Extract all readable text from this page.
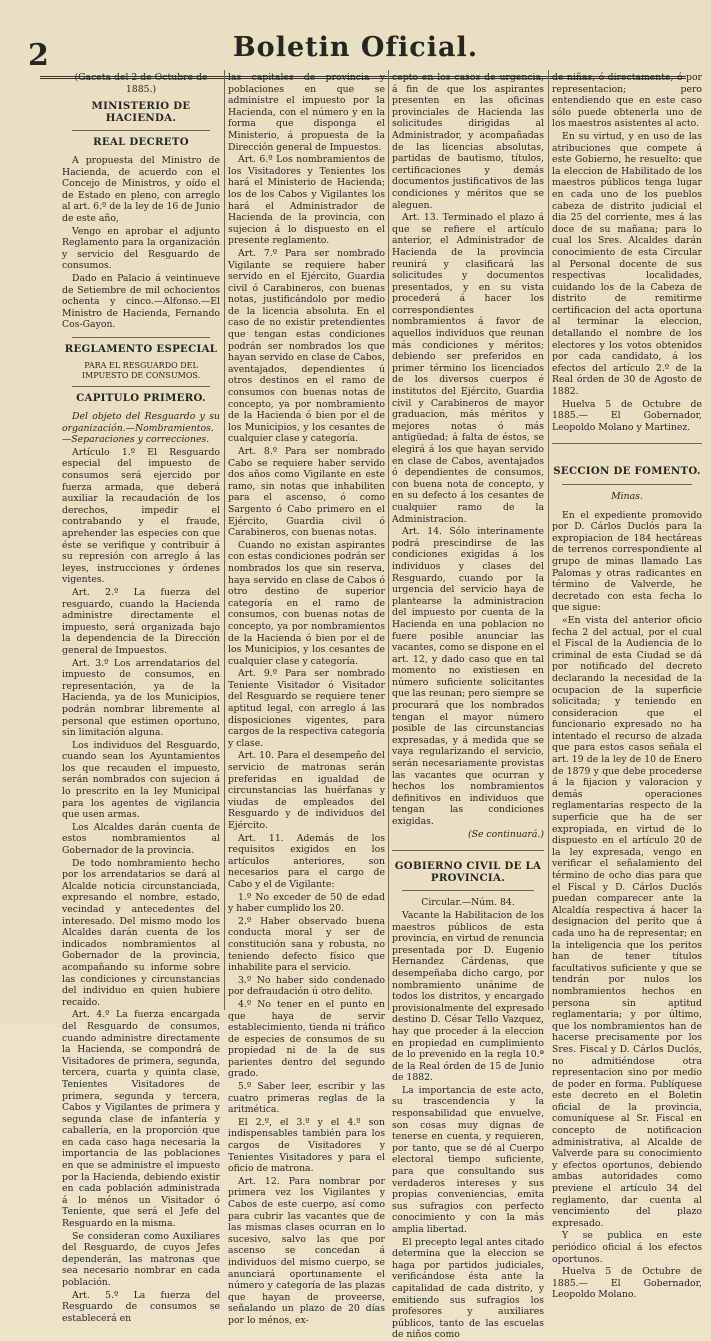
2	Boletin Oficial.

(Gaceta del 2 de Octubre de 1885.)

MINISTERIO DE HACIENDA.
REAL DECRETO

A propuesta del Ministro de Hacienda, de acuerdo con el Concejo de Ministros, y oído el de Estado en pleno, con arreglo al art. 6.º de la ley de 16 de Junio de este año,

Vengo en aprobar el adjunto Reglamento para la organización y servicio del Resguardo de consumos.

Dado en Palacio á veintinueve de Setiembre de mil ochocientos ochenta y cinco.—Alfonso.—El Ministro de Hacienda, Fernando Cos-Gayon.

REGLAMENTO ESPECIAL
PARA EL RESGUARDO DEL IMPUESTO DE CONSUMOS.
CAPITULO PRIMERO.

Del objeto del Resguardo y su organización.—Nombramientos.—Separaciones y correcciones.

Artículo 1.º El Resguardo especial del impuesto de consumos será ejercido por fuerza armada, que deberá auxiliar la recaudación de los derechos, impedir el contrabando y el fraude, aprehender las especies con que éste se verifique y contribuir á su represión con arreglo á las leyes, instrucciones y órdenes vigentes.

Art. 2.º La fuerza del resguardo, cuando la Hacienda administre directamente el impuesto, será organizada bajo la dependencia de la Dirección general de Impuestos.

Art. 3.º Los arrendatarios del impuesto de consumos, en representación, ya de la Hacienda, ya de los Municipios, podrán nombrar libremente al personal que estimen oportuno, sin limitación alguna.

Los individuos del Resguardo, cuando sean los Ayuntamientos los que recauden el impuesto, serán nombrados con sujecion á lo prescrito en la ley Municipal para los agentes de vigilancia que usen armas.

Los Alcaldes darán cuenta de estos nombramientos al Gobernador de la provincia.

De todo nombramiento hecho por los arrendatarios se dará al Alcalde noticia circunstanciada, expresando el nombre, estado, vecindad y antecedentes del interesado. Del mismo modo los Alcaldes darán cuenta de los indicados nombramientos al Gobernador de la provincia, acompañando su informe sobre las condiciones y circunstancias del individuo en quien hubiere recaído.

Art. 4.º La fuerza encargada del Resguardo de consumos, cuando administre directamente la Hacienda, se compondrá de Visitadores de primera, segunda, tercera, cuarta y quinta clase, Tenientes Visitadores de primera, segunda y tercera, Cabos y Vigilantes de primera y segunda clase de infantería y caballería, en la proporción que en cada caso haga necesaria la importancia de las poblaciones en que se administre el impuesto por la Hacienda, debiendo existir en cada población administrada á lo ménos un Visitador ó Teniente, que será el Jefe del Resguardo en la misma.

Se consideran como Auxiliares del Resguardo, de cuyos Jefes dependerán, las matronas que sea necesario nombrar en cada población.

Art. 5.º La fuerza del Resguardo de consumos se establecerá en

las capitales de provincia y poblaciones en que se administre el impuesto por la Hacienda, con el número y en la forma que disponga el Ministerio, á propuesta de la Dirección general de Impuestos.

Art. 6.º Los nombramientos de los Visitadores y Tenientes los hará el Ministerio de Hacienda; los de los Cabos y Vigilantes los hará el Administrador de Hacienda de la provincia, con sujecion á lo dispuesto en el presente reglamento.

Art. 7.º Para ser nombrado Vigilante se requiere haber servido en el Ejército, Guardia civil ó Carabineros, con buenas notas, justificándolo por medio de la licencia absoluta. En el caso de no existir pretendientes que tengan estas condiciones podrán ser nombrados los que hayan servido en clase de Cabos, aventajados, dependientes ú otros destinos en el ramo de consumos con buenas notas de concepto, ya por nombramiento de la Hacienda ó bien por el de los Municipios, y los cesantes de cualquier clase y categoría.

Art. 8.º Para ser nombrado Cabo se requiere haber servido dos años como Vigilante en este ramo, sin notas que inhabiliten para el ascenso, ó como Sargento ó Cabo primero en el Ejército, Guardia civil ó Carabineros, con buenas notas.

Cuando no existan aspirantes con estas condiciones podrán ser nombrados los que sin reserva, haya servido en clase de Cabos ó otro destino de superior categoría en el ramo de consumos, con buenas notas de concepto, ya por nombramientos de la Hacienda ó bien por el de los Municipios, y los cesantes de cualquier clase y categoría.

Art. 9.º Para ser nombrado Teniente Visitador ó Visitador del Resguardo se requiere tener aptitud legal, con arreglo á las disposiciones vigentes, para cargos de la respectiva categoría y clase.

Art. 10. Para el desempeño del servicio de matronas serán preferidas en igualdad de circunstancias las huérfanas y viudas de empleados del Resguardo y de individuos del Ejército.

Art. 11. Además de los requisitos exigidos en los artículos anteriores, son necesarios para el cargo de Cabo y el de Vigilante:

1.º No exceder de 50 de edad y haber cumplido los 20.

2.º Haber observado buena conducta moral y ser de constitución sana y robusta, no teniendo defecto físico que inhabilite para el servicio.

3.º No haber sido condenado por defraudación ú otro delito.

4.º No tener en el punto en que haya de servir establecimiento, tienda ni tráfico de especies de consumos de su propiedad ni de la de sus parientes dentro del segundo grado.

5.º Saber leer, escribir y las cuatro primeras reglas de la aritmética.

El 2.º, el 3.º y el 4.º son indispensables también para los cargos de Visitadores y Tenientes Visitadores y para el oficio de matrona.

Art. 12. Para nombrar por primera vez los Vigilantes y Cabos de este cuerpo, así como para cubrir las vacantes que de las mismas clases ocurran en lo sucesivo, salvo las que por ascenso se concedan á individuos del mismo cuerpo, se anunciará oportunamente el número y categoría de las plazas que hayan de proveerse, señalando un plazo de 20 días por lo ménos, ex-

cepto en los casos de urgencia, á fin de que los aspirantes presenten en las oficinas provinciales de Hacienda las solicitudes dirigidas al Administrador, y acompañadas de las licencias absolutas, partidas de bautismo, títulos, certificaciones y demás documentos justificativos de las condiciones y méritos que se aleguen.

Art. 13. Terminado el plazo á que se refiere el artículo anterior, el Administrador de Hacienda de la provincia reunirá y clasificará las solicitudes y documentos presentados, y en su vista procederá á hacer los correspondientes nombramientos á favor de aquellos individuos que reunan más condiciones y méritos; debiendo ser preferidos en primer término los licenciados de los diversos cuerpos é institutos del Ejército, Guardia civil y Carabineros de mayor graduacion, más méritos y mejores notas ó más antigüedad; á falta de éstos, se elegirá á los que hayan servido en clase de Cabos, aventajados ó dependientes de consumos, con buena nota de concepto, y en su defecto á los cesantes de cualquier ramo de la Administracion.

Art. 14. Sólo interinamente podrá prescindirse de las condiciones exigidas á los individuos y clases del Resguardo, cuando por la urgencia del servicio haya de plantearse la administracion del impuesto por cuenta de la Hacienda en una poblacion no fuere posible anunciar las vacantes, como se dispone en el art. 12, y dado caso que en tal momento no existiesen en número suficiente solicitantes que las reunan; pero siempre se procurará que los nombrados tengan el mayor número posible de las circunstancias expresadas, y á medida que se vaya regularizando el servicio, serán necesariamente provistas las vacantes que ocurran y hechos los nombramientos definitivos en individuos que tengan las condiciones exigidas.

(Se continuará.)

GOBIERNO CIVIL DE LA PROVINCIA.

Circular.—Núm. 84.

Vacante la Habilitacion de los maestros públicos de esta provincia, en virtud de renuncia presentada por D. Eugenio Hernandez Cárdenas, que desempeñaba dicho cargo, por nombramiento unánime de todos los distritos, y encargado provisionalmente del expresado destino D. César Tello Vazquez, hay que proceder á la eleccion en propiedad en cumplimiento de lo prevenido en la regla 10.ª de la Real órden de 15 de Junio de 1882.

La importancia de este acto, su trascendencia y la responsabilidad que envuelve, son cosas muy dignas de tenerse en cuenta, y requieren, por tanto, que se dé al Cuerpo electoral tiempo suficiente, para que consultando sus verdaderos intereses y sus propias conveniencias, emita sus sufragios con perfecto conocimiento y con la más amplia libertad.

El precepto legal antes citado determina que la eleccion se haga por partidos judiciales, verificándose ésta ante la capitalidad de cada distrito, y emitiendo sus sufragios los profesores y auxiliares públicos, tanto de las escuelas de niños como

de niñas, ó directamente, ó por representacion; pero entendiendo que en este caso sólo puede obtenerla uno de los maestros asistentes al acto.

En su virtud, y en uso de las atribuciones que compete á este Gobierno, he resuelto: que la eleccion de Habilitado de los maestros públicos tenga lugar en cada uno de los pueblos cabeza de distrito judicial el dia 25 del corriente, mes á las doce de su mañana; para lo cual los Sres. Alcaldes darán conocimiento de esta Circular al Personal docente de sus respectivas localidades, cuidando los de la Cabeza de distrito de remitirme certificacion del acta oportuna al terminar la eleccion, detallando el nombre de los electores y los votos obtenidos por cada candidato, á los efectos del artículo 2.º de la Real órden de 30 de Agosto de 1882.

Huelva 5 de Octubre de 1885.— El Gobernador, Leopoldo Molano y Martinez.

SECCION DE FOMENTO.

Minas.

En el expediente promovido por D. Cárlos Duclós para la expropiacion de 184 hectáreas de terrenos correspondiente al grupo de minas llamado Las Palomas y otras radicantes en término de Valverde, he decretado con esta fecha lo que sigue:

«En vista del anterior oficio fecha 2 del actual, por el cual el Fiscal de la Audiencia de lo criminal de esta Ciudad se dá por notificado del decreto declarando la necesidad de la ocupacion de la superficie solicitada; y teniendo en consideracion que el funcionario expresado no ha intentado el recurso de alzada que para estos casos señala el art. 19 de la ley de 10 de Enero de 1879 y que debe procederse á la fijacion y valoracion y demás operaciones reglamentarias respecto de la superficie que ha de ser expropiada, en virtud de lo dispuesto en el artículo 20 de la ley expresada, vengo en verificar el señalamiento del término de ocho dias para que el Fiscal y D. Cárlos Duclós puedan comparecer ante la Alcaldía respectiva á hacer la designacion del perito que á cada uno ha de representar; en la inteligencia que los peritos han de tener títulos facultativos suficiente y que se tendrán por nulos los nombramientos hechos en persona sin aptitud reglamentaria; y por último, que los nombramientos han de hacerse precisamente por los Sres. Fiscal y D. Cárlos Duclós, no admitiéndose otra representacion sino por medio de poder en forma. Publíquese este decreto en el Boletin oficial de la provincia, comuníquese al Sr. Fiscal en concepto de notificacion administrativa, al Alcalde de Valverde para su conocimiento y efectos oportunos, debiendo ambas autoridades como previene el artículo 34 del reglamento, dar cuenta al vencimiento del plazo expresado.

Y se publica en este periódico oficial á los efectos oportunos.

Huelva 5 de Octubre de 1885.— El Gobernador, Leopoldo Molano.
